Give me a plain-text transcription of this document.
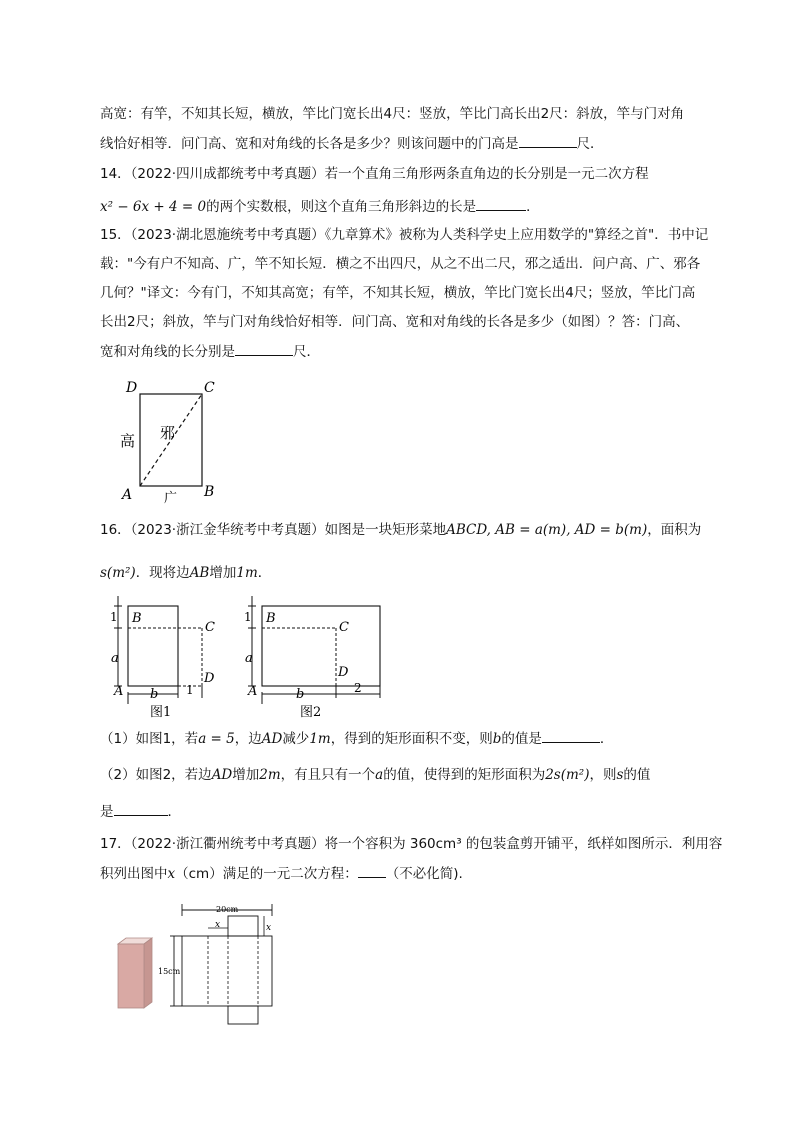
高宽：有竿，不知其长短，横放，竿比门宽长出4尺：竖放，竿比门高长出2尺：斜放，竿与门对角
线恰好相等．问门高、宽和对角线的长各是多少？则该问题中的门高是	尺．
14．（2022·四川成都统考中考真题）若一个直角三角形两条直角边的长分别是一元二次方程
x² − 6x + 4 = 0的两个实数根，则这个直角三角形斜边的长是	．
15．（2023·湖北恩施统考中考真题）《九章算术》被称为人类科学史上应用数学的"算经之首"．书中记
载："今有户不知高、广，竿不知长短．横之不出四尺，从之不出二尺，邪之适出．问户高、广、邪各
几何？"译文：今有门，不知其高宽；有竿，不知其长短，横放，竿比门宽长出4尺；竖放，竿比门高
长出2尺；斜放，竿与门对角线恰好相等．问门高、宽和对角线的长各是多少（如图）？答：门高、
宽和对角线的长分别是	尺．
D	C
A	B
高 邪
广
16．（2023·浙江金华统考中考真题）如图是一块矩形菜地ABCD, AB = a(m), AD = b(m)，面积为
s(m²)．现将边AB增加1m．
1
a
B
C
D
A b 1
图1
1
a
B
C
D
A	b	2
图2
（1）如图1，若a = 5，边AD减少1m，得到的矩形面积不变，则b的值是	．
（2）如图2，若边AD增加2m，有且只有一个a的值，使得到的矩形面积为2s(m²)，则s的值
是	．
17．（2022·浙江衢州统考中考真题）将一个容积为 360cm³ 的包装盒剪开铺平，纸样如图所示．利用容
积列出图中x（cm）满足的一元二次方程： （不必化简).
20cm
x
x
15cm
